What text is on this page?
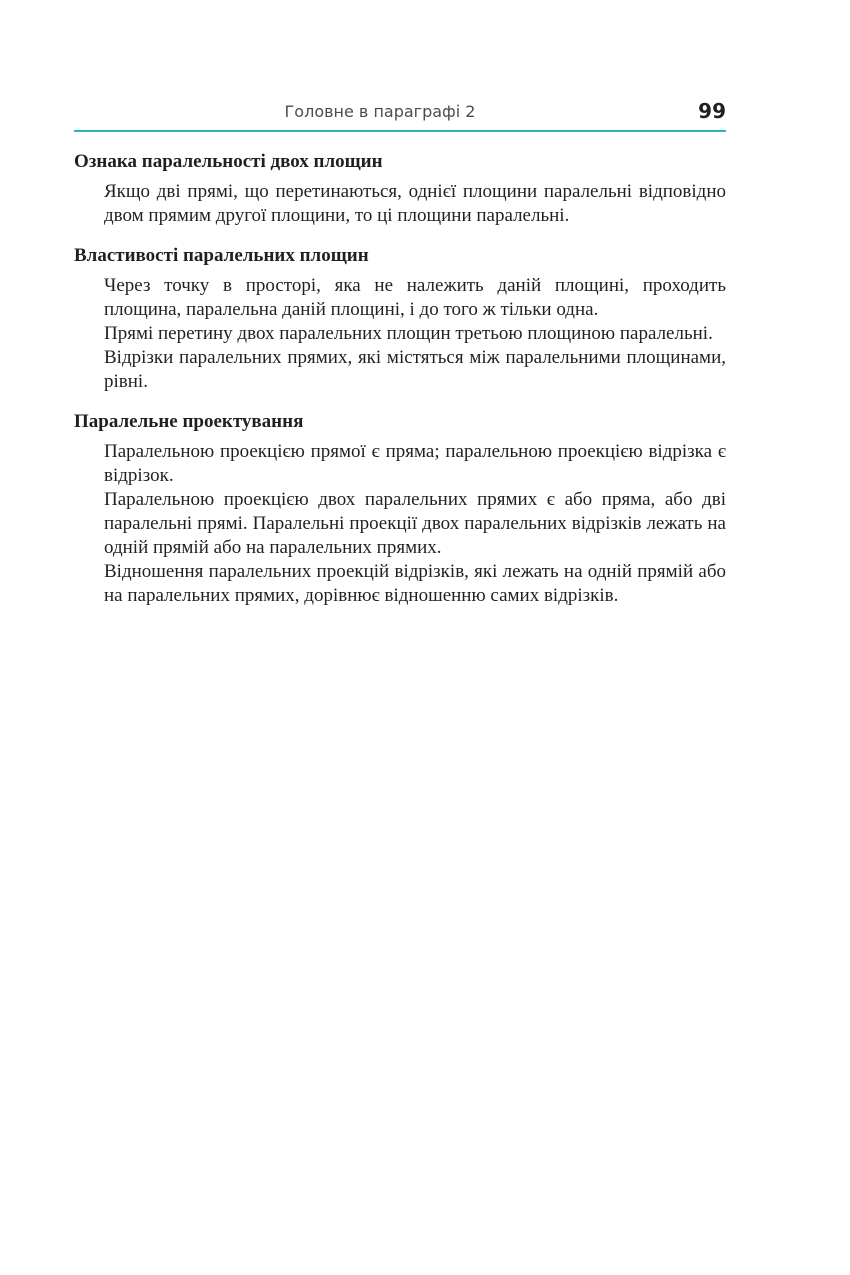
Головне в параграфі 2	99
Ознака паралельності двох площин

Якщо дві прямі, що перетинаються, однієї площини паралельні відповідно двом прямим другої площини, то ці площини паралельні.

Властивості паралельних площин

Через точку в просторі, яка не належить даній площині, проходить площина, паралельна даній площині, і до того ж тільки одна.

Прямі перетину двох паралельних площин третьою площиною паралельні.

Відрізки паралельних прямих, які містяться між паралельними площинами, рівні.

Паралельне проектування

Паралельною проекцією прямої є пряма; паралельною проекцією відрізка є відрізок.

Паралельною проекцією двох паралельних прямих є або пряма, або дві паралельні прямі. Паралельні проекції двох паралельних відрізків лежать на одній прямій або на паралельних прямих.

Відношення паралельних проекцій відрізків, які лежать на одній прямій або на паралельних прямих, дорівнює відношенню самих відрізків.
